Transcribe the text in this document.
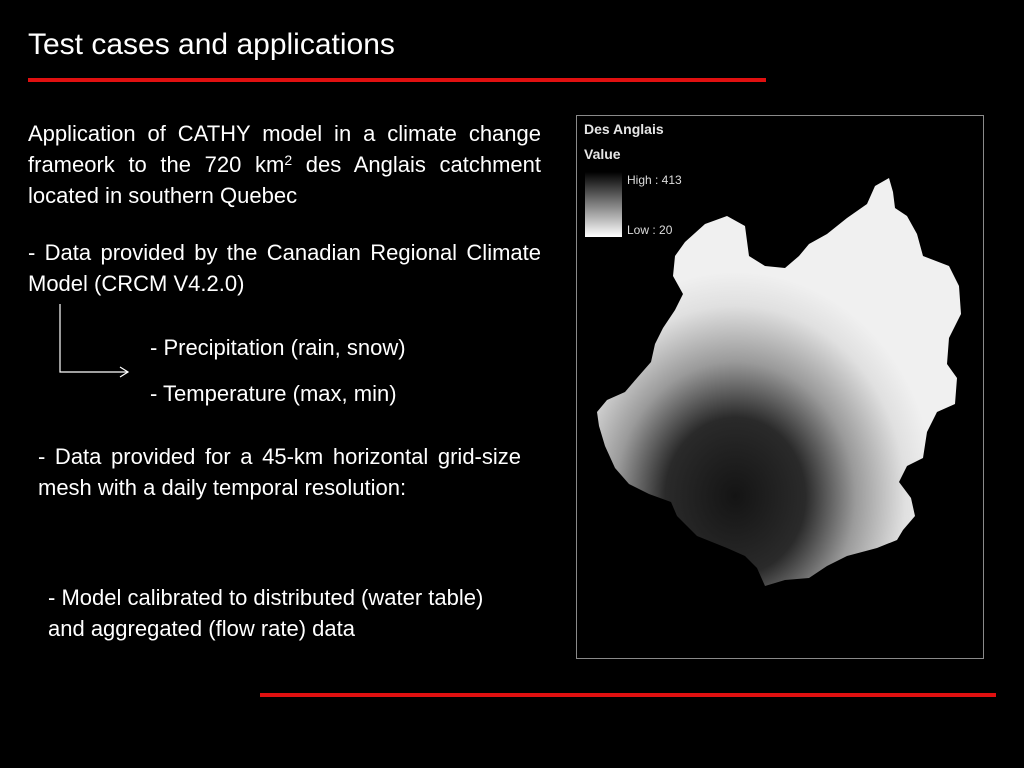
Test cases and applications
Application of CATHY model in a climate change frameork to the 720 $km^2$ des Anglais catchment located in southern Quebec
- Data provided by the Canadian Regional Climate Model (CRCM V4.2.0)
- Precipitation (rain, snow)
- Temperature (max, min)
- Data provided for a 45-km horizontal grid-size mesh with a daily temporal resolution:
- Model calibrated to distributed (water table) and aggregated (flow rate) data
Des Anglais
Value
High : 413
Low : 20
